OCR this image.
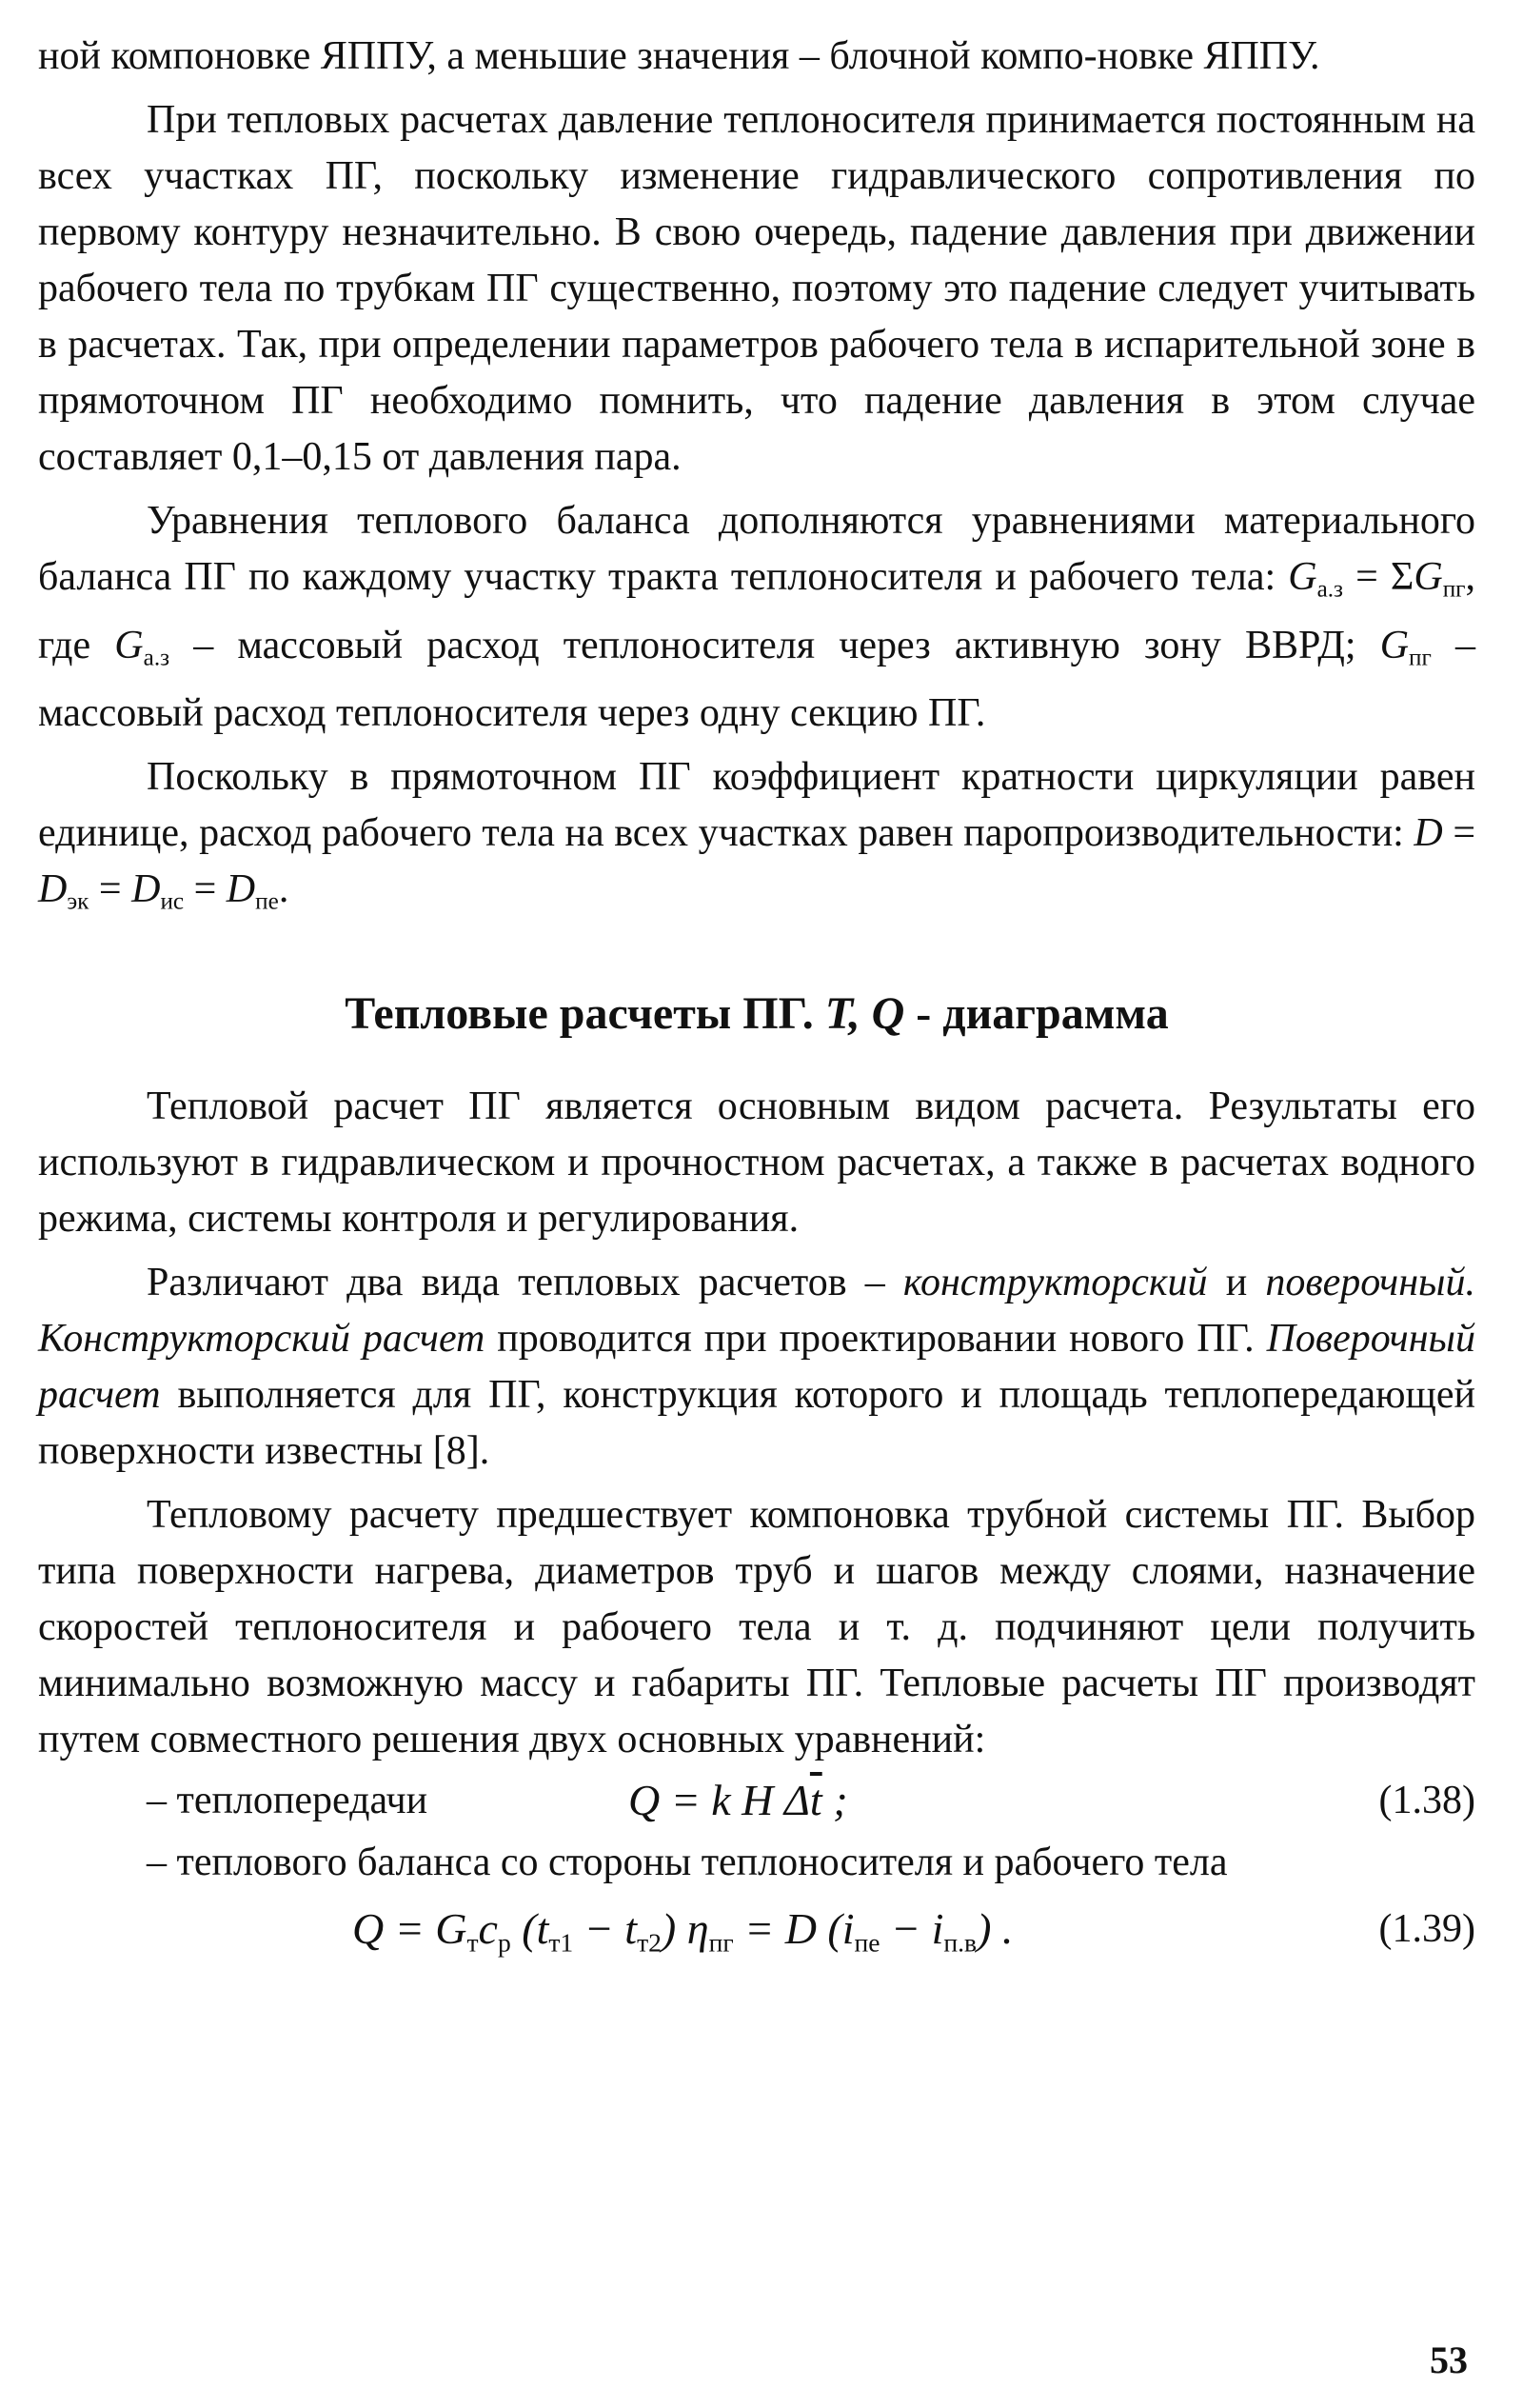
ной компоновке ЯППУ, а меньшие значения – блочной компо-новке ЯППУ.

При тепловых расчетах давление теплоносителя принимается постоянным на всех участках ПГ, поскольку изменение гидравлического сопротивления по первому контуру незначительно. В свою очередь, падение давления при движении рабочего тела по трубкам ПГ существенно, поэтому это падение следует учитывать в расчетах. Так, при определении параметров рабочего тела в испарительной зоне в прямоточном ПГ необходимо помнить, что падение давления в этом случае составляет 0,1–0,15 от давления пара.

Уравнения теплового баланса дополняются уравнениями материального баланса ПГ по каждому участку тракта теплоносителя и рабочего тела: $G_{а.з} = \Sigma G_{пг}$, где $G_{а.з}$ – массовый расход теплоносителя через активную зону ВВРД; $G_{пг}$ – массовый расход теплоносителя через одну секцию ПГ.

Поскольку в прямоточном ПГ коэффициент кратности циркуляции равен единице, расход рабочего тела на всех участках равен паропроизводительности: $D = D_{эк} = D_{ис} = D_{пе}$.

Тепловые расчеты ПГ. T, Q - диаграмма

Тепловой расчет ПГ является основным видом расчета. Результаты его используют в гидравлическом и прочностном расчетах, а также в расчетах водного режима, системы контроля и регулирования.

Различают два вида тепловых расчетов – конструкторский и поверочный. Конструкторский расчет проводится при проектировании нового ПГ. Поверочный расчет выполняется для ПГ, конструкция которого и площадь теплопередающей поверхности известны [8].

Тепловому расчету предшествует компоновка трубной системы ПГ. Выбор типа поверхности нагрева, диаметров труб и шагов между слоями, назначение скоростей теплоносителя и рабочего тела и т. д. подчиняют цели получить минимально возможную массу и габариты ПГ. Тепловые расчеты ПГ производят путем совместного решения двух основных уравнений:

– теплопередачи	Q = k H $\Delta\overline{t}$ ;	(1.38)

– теплового баланса со стороны теплоносителя и рабочего тела

$Q = G_тc_p$ $(t_{т1} - t_{т2}) \eta_{пг} = D$ $(i_{пе} - i_{п.в})$ .	(1.39)
53
